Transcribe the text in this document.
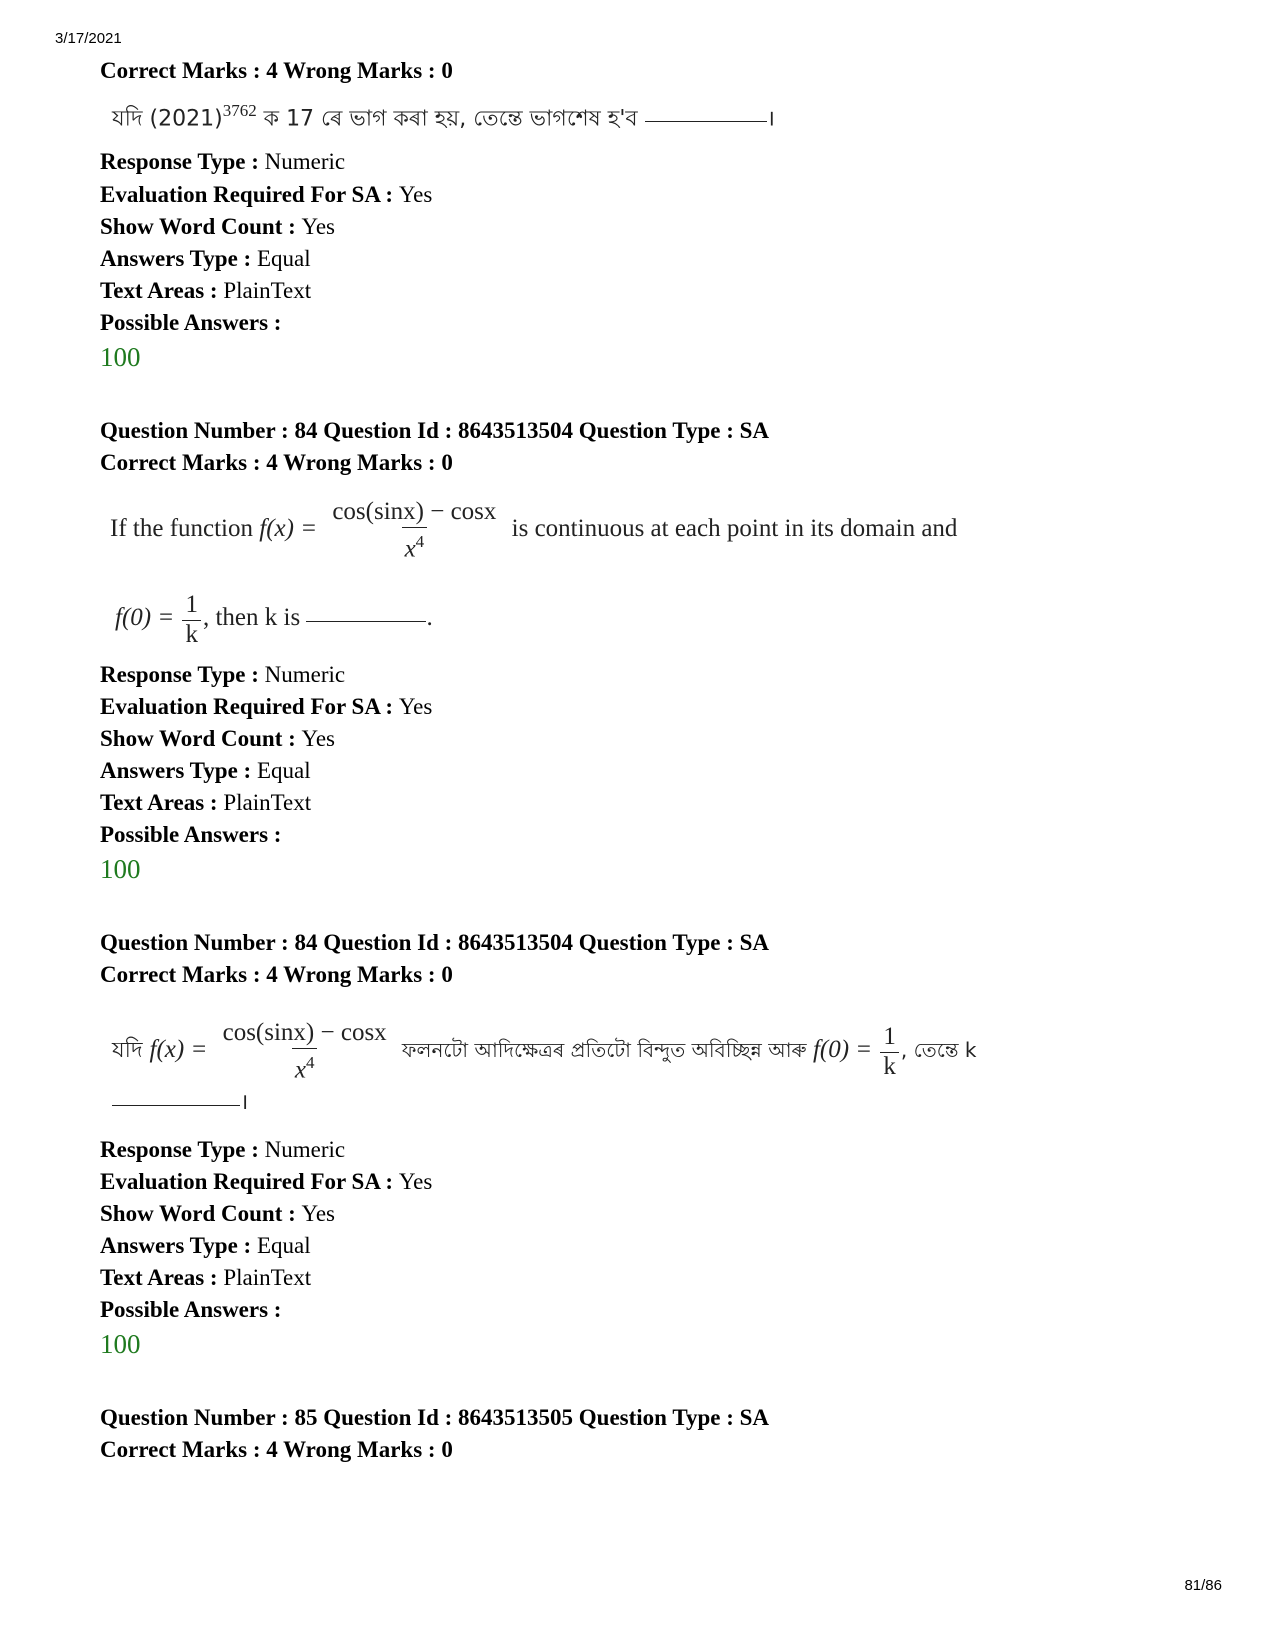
3/17/2021
Correct Marks : 4 Wrong Marks : 0
যদি $(2021)^{3762}$ ক 17 ৰে ভাগ কৰা হয়, তেন্তে ভাগশেষ হ'ব	।
Response Type : Numeric
Evaluation Required For SA : Yes
Show Word Count : Yes
Answers Type : Equal
Text Areas : PlainText
Possible Answers :
100
Question Number : 84 Question Id : 8643513504 Question Type : SA
Correct Marks : 4 Wrong Marks : 0
If the function $f(x) = \frac{\cos(\sin x) - \cos x}{x^4}$ is continuous at each point in its domain and
$f(0) = \frac{1}{k}$ , then k is	.
Response Type : Numeric
Evaluation Required For SA : Yes
Show Word Count : Yes
Answers Type : Equal
Text Areas : PlainText
Possible Answers :
100
Question Number : 84 Question Id : 8643513504 Question Type : SA
Correct Marks : 4 Wrong Marks : 0
যদি $f(x) = \frac{\cos(\sin x) - \cos x}{x^4}$ ফলনটো আদিক্ষেত্ৰৰ প্ৰতিটো বিন্দুত অবিচ্ছিন্ন আৰু $f(0) = \frac{1}{k}$ , তেন্তে k
।
Response Type : Numeric
Evaluation Required For SA : Yes
Show Word Count : Yes
Answers Type : Equal
Text Areas : PlainText
Possible Answers :
100
Question Number : 85 Question Id : 8643513505 Question Type : SA
Correct Marks : 4 Wrong Marks : 0
81/86
